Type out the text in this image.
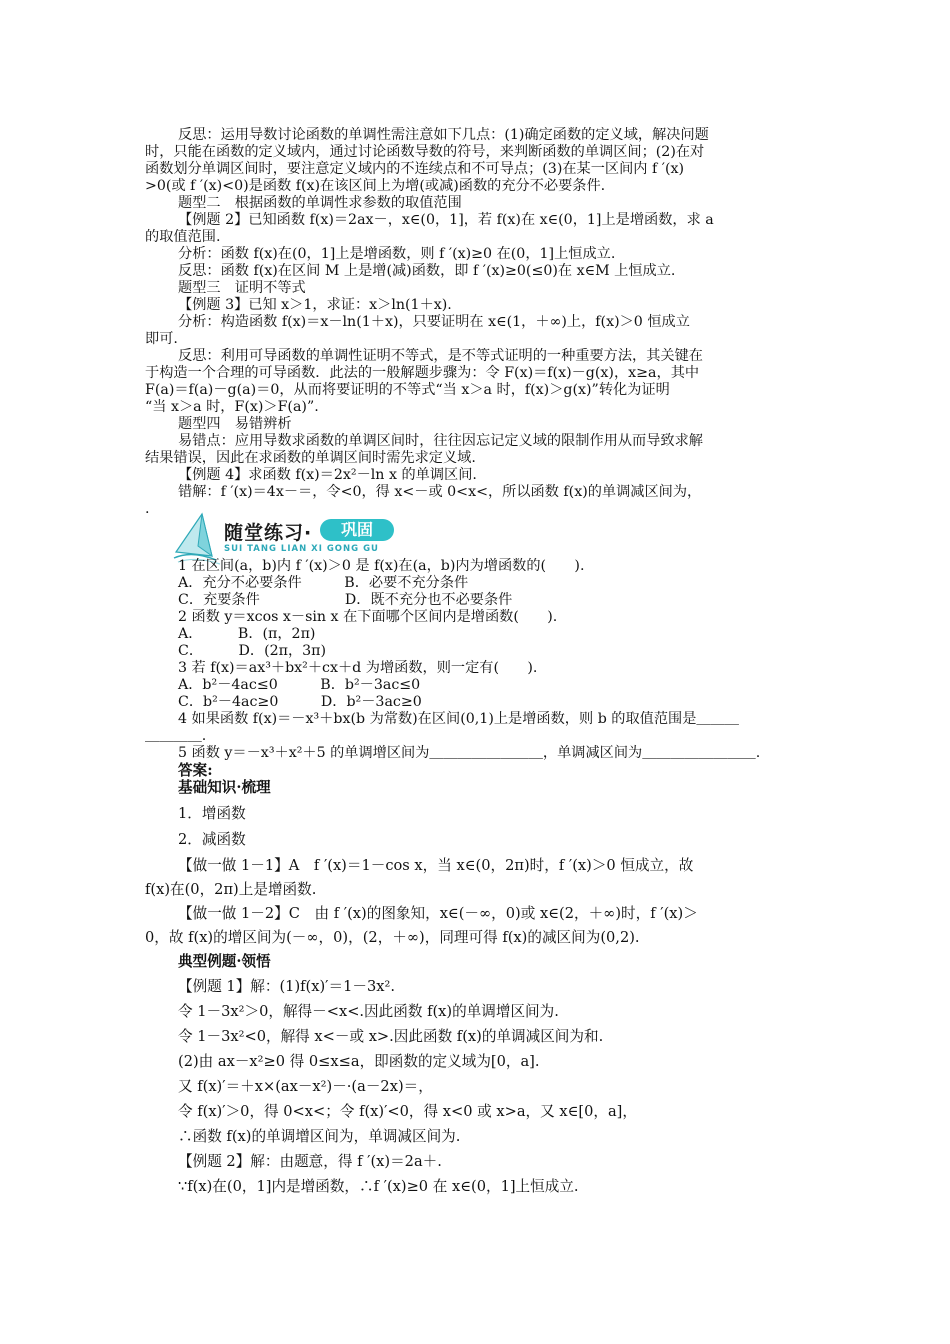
反思：运用导数讨论函数的单调性需注意如下几点：(1)确定函数的定义域，解决问题
时，只能在函数的定义域内，通过讨论函数导数的符号，来判断函数的单调区间；(2)在对
函数划分单调区间时，要注意定义域内的不连续点和不可导点；(3)在某一区间内 f ′(x)
>0(或 f ′(x)<0)是函数 f(x)在该区间上为增(或减)函数的充分不必要条件.
题型二　根据函数的单调性求参数的取值范围
【例题 2】已知函数 f(x)＝2ax－，x∈(0，1]，若 f(x)在 x∈(0，1]上是增函数，求 a
的取值范围.
分析：函数 f(x)在(0，1]上是增函数，则 f ′(x)≥0 在(0，1]上恒成立.
反思：函数 f(x)在区间 M 上是增(减)函数，即 f ′(x)≥0(≤0)在 x∈M 上恒成立.
题型三　证明不等式
【例题 3】已知 x＞1，求证：x＞ln(1＋x).
分析：构造函数 f(x)＝x－ln(1＋x)，只要证明在 x∈(1，＋∞)上，f(x)＞0 恒成立
即可.
反思：利用可导函数的单调性证明不等式，是不等式证明的一种重要方法，其关键在
于构造一个合理的可导函数．此法的一般解题步骤为：令 F(x)＝f(x)－g(x)，x≥a，其中
F(a)＝f(a)－g(a)＝0，从而将要证明的不等式“当 x＞a 时，f(x)＞g(x)”转化为证明
“当 x＞a 时，F(x)＞F(a)”.
题型四　易错辨析
易错点：应用导数求函数的单调区间时，往往因忘记定义域的限制作用从而导致求解
结果错误，因此在求函数的单调区间时需先求定义域.
【例题 4】求函数 f(x)＝2x²－ln x 的单调区间.
错解：f ′(x)＝4x－＝，令<0，得 x<－或 0<x<，所以函数 f(x)的单调减区间为，
.
随堂练习·	巩固
SUI TANG LIAN XI GONG GU
1 在区间(a，b)内 f ′(x)＞0 是 f(x)在(a，b)内为增函数的(　　).
A．充分不必要条件　　　B．必要不充分条件
C．充要条件　　　　　　D．既不充分也不必要条件
2 函数 y＝xcos x－sin x 在下面哪个区间内是增函数(　　).
A．　　　B．(π，2π)
C．　　　D．(2π，3π)
3 若 f(x)＝ax³＋bx²＋cx＋d 为增函数，则一定有(　　).
A．b²－4ac≤0　　　B．b²－3ac≤0
C．b²－4ac≥0　　　D．b²－3ac≥0
4 如果函数 f(x)＝－x³＋bx(b 为常数)在区间(0,1)上是增函数，则 b 的取值范围是＿＿＿
＿＿＿＿.
5 函数 y＝－x³＋x²＋5 的单调增区间为＿＿＿＿＿＿＿＿，单调减区间为＿＿＿＿＿＿＿＿.
答案:
基础知识·梳理
1．增函数
2．减函数
【做一做 1－1】A　f ′(x)＝1－cos x，当 x∈(0，2π)时，f ′(x)＞0 恒成立，故
f(x)在(0，2π)上是增函数.
【做一做 1－2】C　由 f ′(x)的图象知，x∈(－∞，0)或 x∈(2，＋∞)时，f ′(x)＞
0，故 f(x)的增区间为(－∞，0)，(2，＋∞)，同理可得 f(x)的减区间为(0,2).
典型例题·领悟
【例题 1】解：(1)f(x)′＝1－3x².
令 1－3x²＞0，解得－<x<.因此函数 f(x)的单调增区间为.
令 1－3x²<0，解得 x<－或 x>.因此函数 f(x)的单调减区间为和.
(2)由 ax－x²≥0 得 0≤x≤a，即函数的定义域为[0，a].
又 f(x)′＝＋x×(ax－x²)－·(a－2x)＝，
令 f(x)′＞0，得 0<x<；令 f(x)′<0，得 x<0 或 x>a，又 x∈[0，a]，
∴函数 f(x)的单调增区间为，单调减区间为.
【例题 2】解：由题意，得 f ′(x)＝2a＋.
∵f(x)在(0，1]内是增函数，∴f ′(x)≥0 在 x∈(0，1]上恒成立.
